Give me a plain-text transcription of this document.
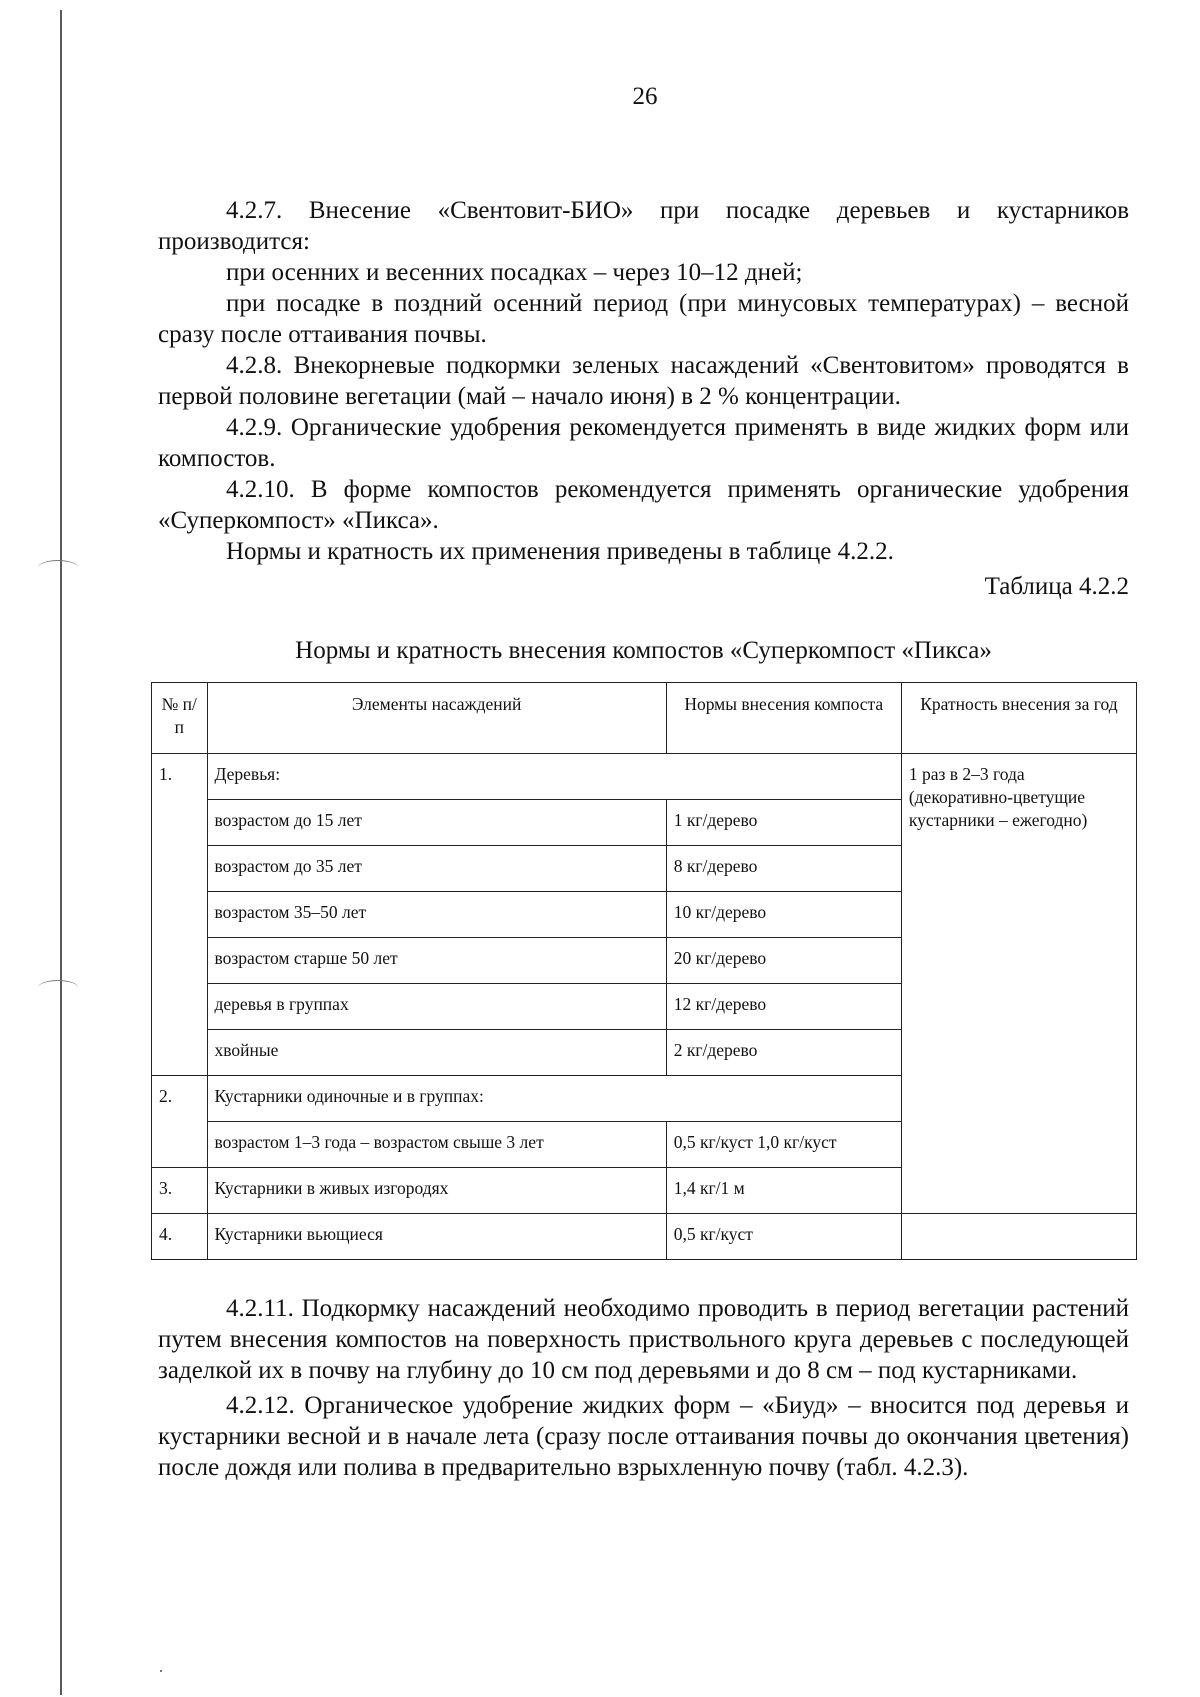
26

4.2.7. Внесение «Свентовит-БИО» при посадке деревьев и кустарников производится:

при осенних и весенних посадках – через 10–12 дней;

при посадке в поздний осенний период (при минусовых температурах) – весной сразу после оттаивания почвы.

4.2.8. Внекорневые подкормки зеленых насаждений «Свентовитом» проводятся в первой половине вегетации (май – начало июня) в 2 % концентрации.

4.2.9. Органические удобрения рекомендуется применять в виде жидких форм или компостов.

4.2.10. В форме компостов рекомендуется применять органические удобрения «Суперкомпост» «Пикса».

Нормы и кратность их применения приведены в таблице 4.2.2.

Таблица 4.2.2

Нормы и кратность внесения компостов «Суперкомпост «Пикса»

№ п/п	Элементы насаждений	Нормы внесения компоста	Кратность внесения за год
1.	Деревья:		1 раз в 2–3 года (декоративно-цветущие кустарники – ежегодно)
	возрастом до 15 лет	1 кг/дерево	
	возрастом до 35 лет	8 кг/дерево	
	возрастом 35–50 лет	10 кг/дерево	
	возрастом старше 50 лет	20 кг/дерево	
	деревья в группах	12 кг/дерево	
	хвойные	2 кг/дерево	
2.	Кустарники одиночные и в группах:		
	возрастом 1–3 года – возрастом свыше 3 лет	0,5 кг/куст 1,0 кг/куст	
3.	Кустарники в живых изгородях	1,4 кг/1 м	
4.	Кустарники вьющиеся	0,5 кг/куст	

4.2.11. Подкормку насаждений необходимо проводить в период вегетации растений путем внесения компостов на поверхность приствольного круга деревьев с последующей заделкой их в почву на глубину до 10 см под деревьями и до 8 см – под кустарниками.

4.2.12. Органическое удобрение жидких форм – «Биуд» – вносится под деревья и кустарники весной и в начале лета (сразу после оттаивания почвы до окончания цветения) после дождя или полива в предварительно взрыхленную почву (табл. 4.2.3).
